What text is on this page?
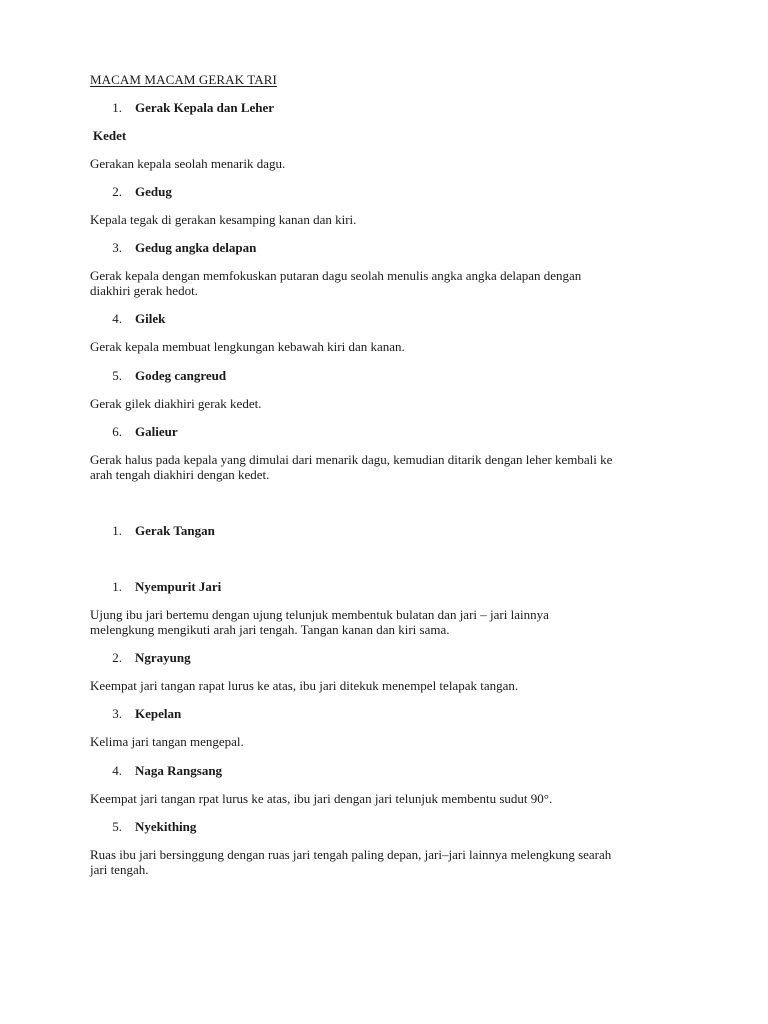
MACAM MACAM GERAK TARI

1. Gerak Kepala dan Leher
Kedet
Gerakan kepala seolah menarik dagu.
2. Gedug
Kepala tegak di gerakan kesamping kanan dan kiri.
3. Gedug angka delapan
Gerak kepala dengan memfokuskan putaran dagu seolah menulis angka angka delapan dengan
diakhiri gerak hedot.
4. Gilek
Gerak kepala membuat lengkungan kebawah kiri dan kanan.
5. Godeg cangreud
Gerak gilek diakhiri gerak kedet.
6. Galieur
Gerak halus pada kepala yang dimulai dari menarik dagu, kemudian ditarik dengan leher kembali ke
arah tengah diakhiri dengan kedet.
1. Gerak Tangan
1. Nyempurit Jari
Ujung ibu jari bertemu dengan ujung telunjuk membentuk bulatan dan jari – jari lainnya
melengkung mengikuti arah jari tengah. Tangan kanan dan kiri sama.
2. Ngrayung
Keempat jari tangan rapat lurus ke atas, ibu jari ditekuk menempel telapak tangan.
3. Kepelan
Kelima jari tangan mengepal.
4. Naga Rangsang
Keempat jari tangan rpat lurus ke atas, ibu jari dengan jari telunjuk membentu sudut 90°.
5. Nyekithing
Ruas ibu jari bersinggung dengan ruas jari tengah paling depan, jari–jari lainnya melengkung searah
jari tengah.
